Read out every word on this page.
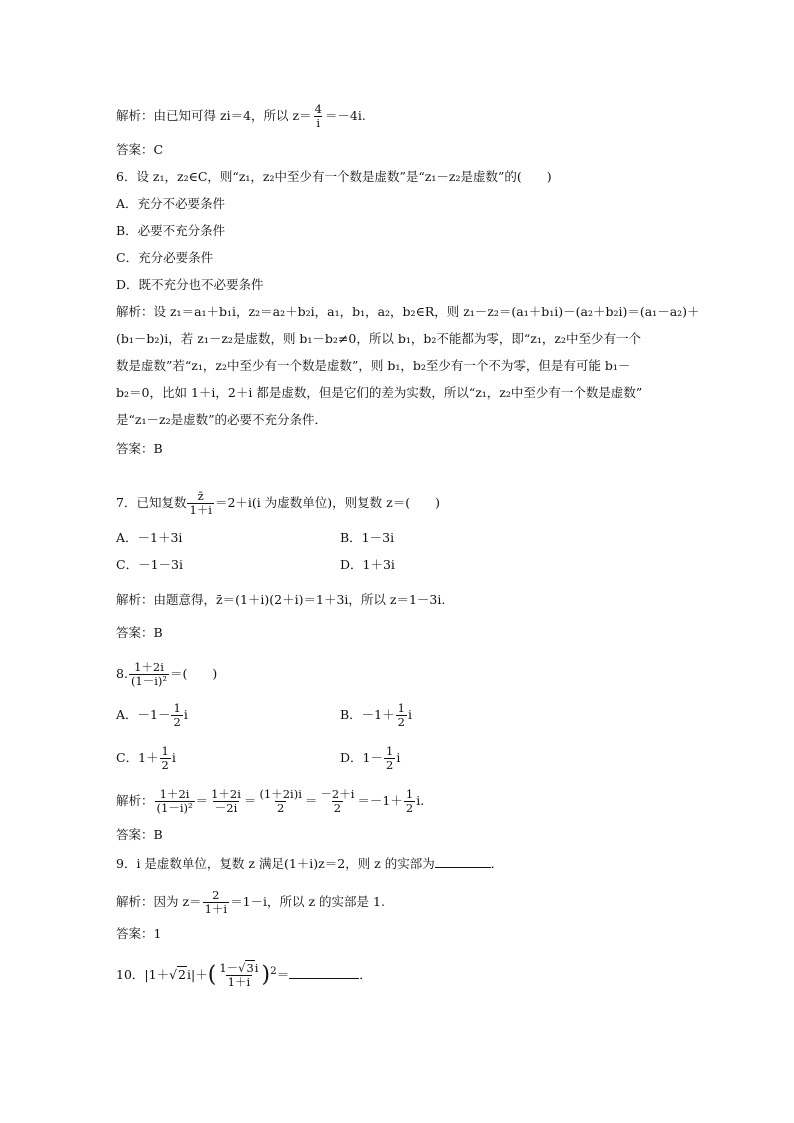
解析：由已知可得 zi＝4，所以 $z= \frac{4}{i} =-4i$.
答案：C
6．设 z₁，z₂∈C，则“z₁，z₂中至少有一个数是虚数”是“z₁－z₂是虚数”的(　　)
A．充分不必要条件
B．必要不充分条件
C．充分必要条件
D．既不充分也不必要条件
解析：设 z₁＝a₁＋b₁i，z₂＝a₂＋b₂i，a₁，b₁，a₂，b₂∈R，则 z₁－z₂＝(a₁＋b₁i)－(a₂＋b₂i)＝(a₁－a₂)＋
(b₁－b₂)i，若 z₁－z₂是虚数，则 b₁－b₂≠0，所以 b₁，b₂不能都为零，即“z₁，z₂中至少有一个
数是虚数”若“z₁，z₂中至少有一个数是虚数”，则 b₁，b₂至少有一个不为零，但是有可能 b₁－
b₂＝0，比如 1＋i，2＋i 都是虚数，但是它们的差为实数，所以“z₁，z₂中至少有一个数是虚数”
是“z₁－z₂是虚数”的必要不充分条件．
答案：B
7．已知复数 $\frac{z̄}{1+i} =2+i(i$ 为虚数单位)，则复数 z＝(　　)
A．－1＋3i	B．1－3i
C．－1－3i	D．1＋3i
解析：由题意得，z̄＝(1＋i)(2＋i)＝1＋3i，所以 z＝1－3i.
答案：B
8. $\frac{1+2i}{\text{(1－i)²}}$ ＝(　　)
A．$-1- \frac{1}{2}$ i	B．$-1+ \frac{1}{2}$ i
C．$1+ \frac{1}{2}$ i	D．$1- \frac{1}{2}$ i
解析： $\frac{1+2i}{\text{(1－i)²}} = \frac{1+2i}{-2i} = \frac{(1+2i)i}{2} = \frac{-2+i}{2} =-1+ \frac{1}{2} i$.
答案：B
9．i 是虚数单位，复数 z 满足(1＋i)z＝2，则 z 的实部为	．
解析：因为 $z= \frac{2}{1+i} =1-i$，所以 z 的实部是 1.
答案：1
10．$|1+√2i|+( \frac{1-√3i}{1+i} )^2=$	．
